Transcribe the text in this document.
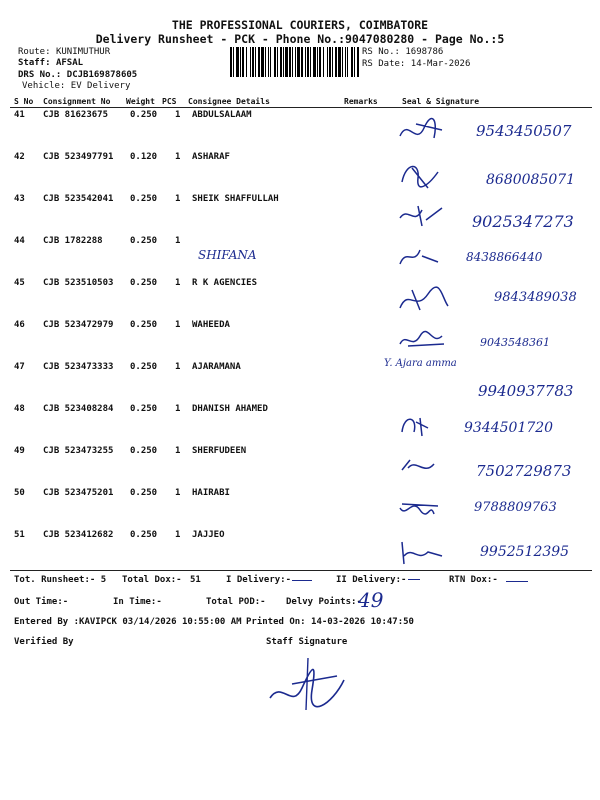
THE PROFESSIONAL COURIERS, COIMBATORE
Delivery Runsheet - PCK - Phone No.:9047080280 - Page No.:5
Route: KUNIMUTHUR
Staff: AFSAL
DRS No.: DCJB169878605
Vehicle: EV Delivery
RS No.: 1698786
RS Date: 14-Mar-2026
S No Consignment No Weight PCS Consignee Details	Remarks	Seal & Signature
41 CJB 81623675 0.250 1 ABDULSALAAM
9543450507
42 CJB 523497791 0.120 1 ASHARAF
8680085071
43 CJB 523542041 0.250 1 SHEIK SHAFFULLAH
9025347273
44 CJB 1782288	0.250 1
SHIFANA	8438866440
45 CJB 523510503 0.250 1 R K AGENCIES
9843489038
46 CJB 523472979 0.250 1 WAHEEDA
9043548361
47 CJB 523473333 0.250 1 AJARAMANA	Y. Ajara amma
9940937783
48 CJB 523408284 0.250 1 DHANISH AHAMED
9344501720
49 CJB 523473255 0.250 1 SHERFUDEEN
7502729873
50 CJB 523475201 0.250 1 HAIRABI
9788809763
51 CJB 523412682 0.250 1 JAJJEO
9952512395
Tot. Runsheet:- 5 Total Dox:- 51	I Delivery:-	II Delivery:-	RTN Dox:-
Out Time:-	In Time:-	Total POD:- Delvy Points:-
49
Entered By :KAVIPCK 03/14/2026 10:55:00 AM Printed On: 14-03-2026 10:47:50
Verified By	Staff Signature
